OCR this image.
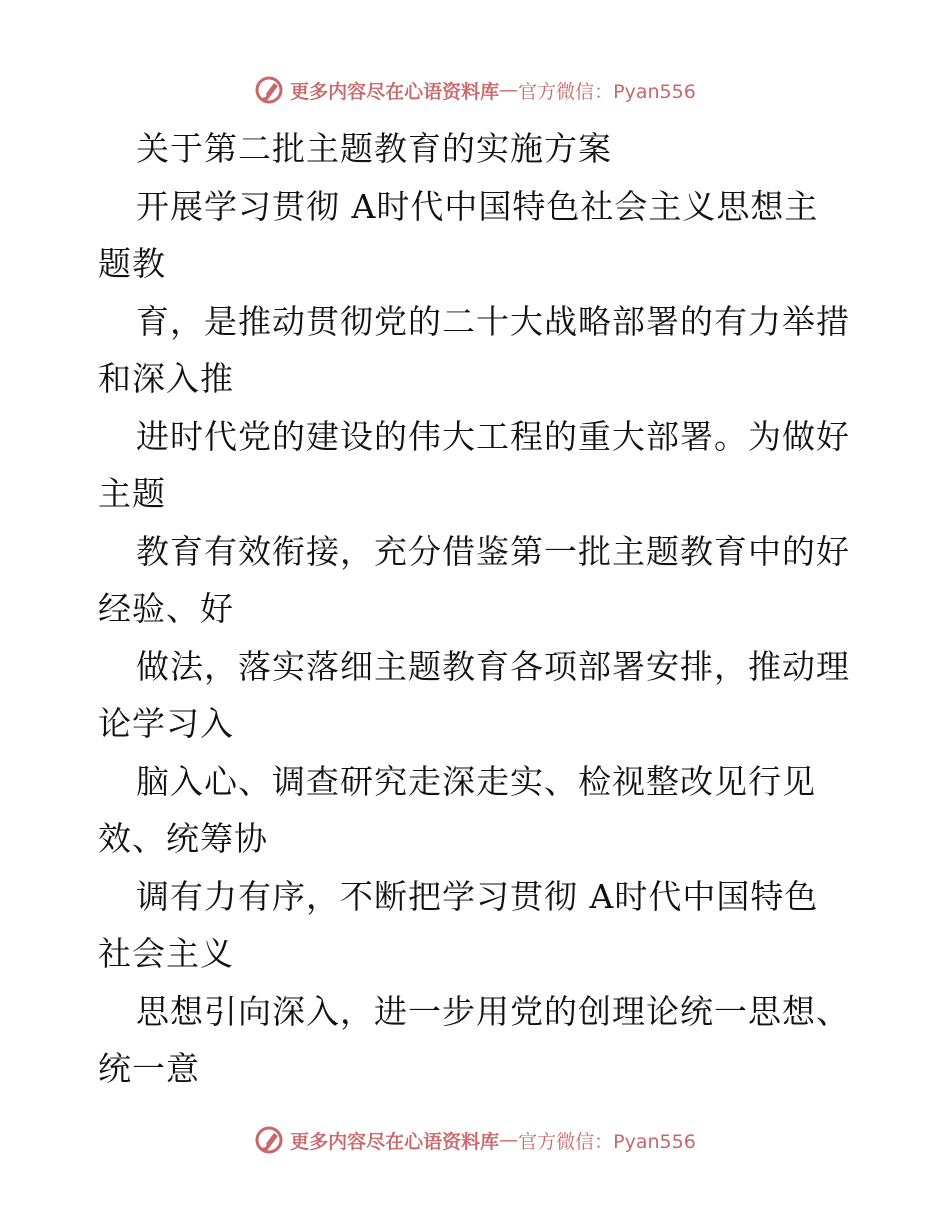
更多内容尽在心语资料库 — 官方微信：Pyan556
关于第二批主题教育的实施方案
开展学习贯彻 A时代中国特色社会主义思想主
题教
育，是推动贯彻党的二十大战略部署的有力举措
和深入推
进时代党的建设的伟大工程的重大部署。为做好
主题
教育有效衔接，充分借鉴第一批主题教育中的好
经验、好
做法，落实落细主题教育各项部署安排，推动理
论学习入
脑入心、调查研究走深走实、检视整改见行见
效、统筹协
调有力有序，不断把学习贯彻 A时代中国特色
社会主义
思想引向深入，进一步用党的创理论统一思想、
统一意
更多内容尽在心语资料库 — 官方微信：Pyan556
